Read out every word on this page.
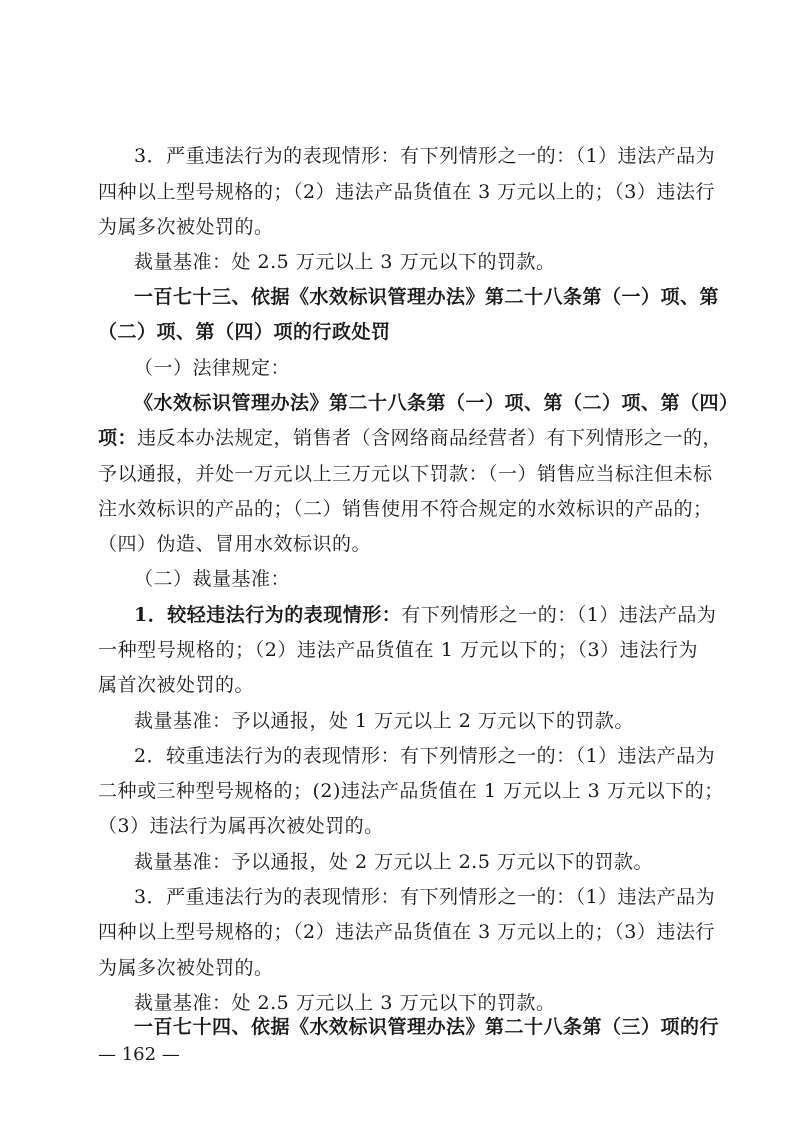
3．严重违法行为的表现情形：有下列情形之一的：（1）违法产品为
四种以上型号规格的；（2）违法产品货值在 3 万元以上的；（3）违法行
为属多次被处罚的。
裁量基准：处 2.5 万元以上 3 万元以下的罚款。
一百七十三、依据《水效标识管理办法》第二十八条第（一）项、第
（二）项、第（四）项的行政处罚
（一）法律规定：
《水效标识管理办法》第二十八条第（一）项、第（二）项、第（四）
项：违反本办法规定，销售者（含网络商品经营者）有下列情形之一的，
予以通报，并处一万元以上三万元以下罚款：（一）销售应当标注但未标
注水效标识的产品的；（二）销售使用不符合规定的水效标识的产品的；
（四）伪造、冒用水效标识的。
（二）裁量基准：
1．较轻违法行为的表现情形：有下列情形之一的：（1）违法产品为
一种型号规格的；（2）违法产品货值在 1 万元以下的；（3）违法行为
属首次被处罚的。
裁量基准：予以通报，处 1 万元以上 2 万元以下的罚款。
2．较重违法行为的表现情形：有下列情形之一的：（1）违法产品为
二种或三种型号规格的；(2)违法产品货值在 1 万元以上 3 万元以下的；
（3）违法行为属再次被处罚的。
裁量基准：予以通报，处 2 万元以上 2.5 万元以下的罚款。
3．严重违法行为的表现情形：有下列情形之一的：（1）违法产品为
四种以上型号规格的；（2）违法产品货值在 3 万元以上的；（3）违法行
为属多次被处罚的。
裁量基准：处 2.5 万元以上 3 万元以下的罚款。
— 162 —
一百七十四、依据《水效标识管理办法》第二十八条第（三）项的行
